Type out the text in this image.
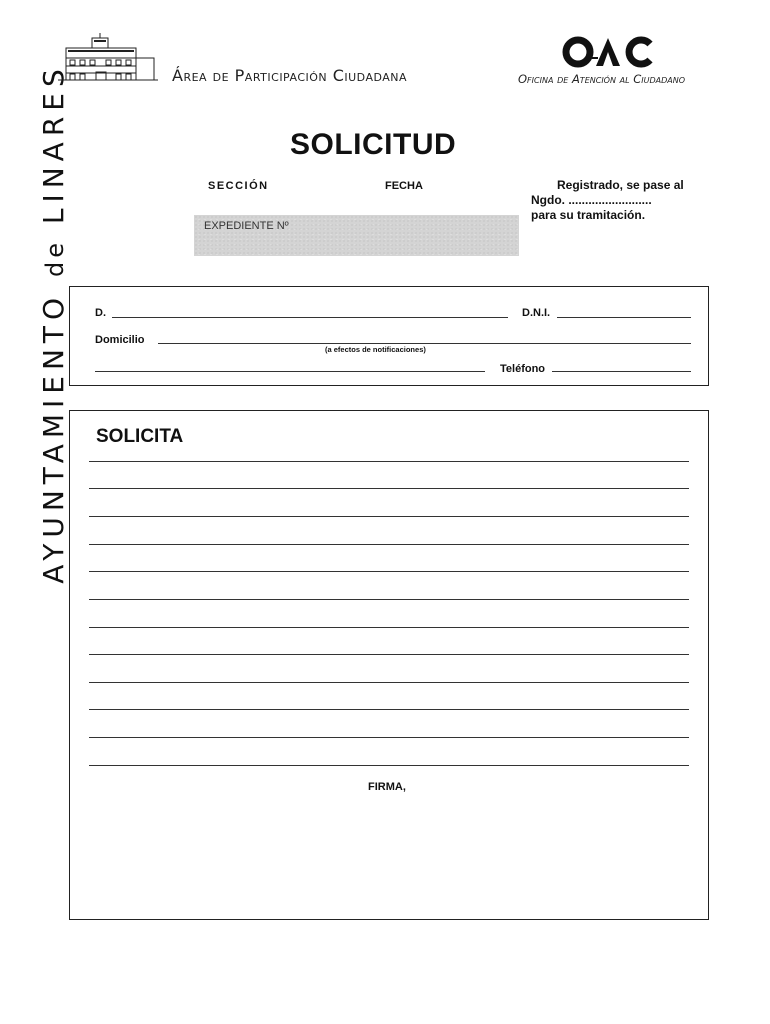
AYUNTAMIENTO de LINARES	Área de Participación Ciudadana	Oficina de Atención al Ciudadano
SOLICITUD
SECCIÓN	FECHA	Registrado, se pase al
Ngdo. .........................
para su tramitación.
EXPEDIENTE Nº
D.	D.N.I.
Domicilio
(a efectos de notificaciones)
Teléfono
SOLICITA
FIRMA,
